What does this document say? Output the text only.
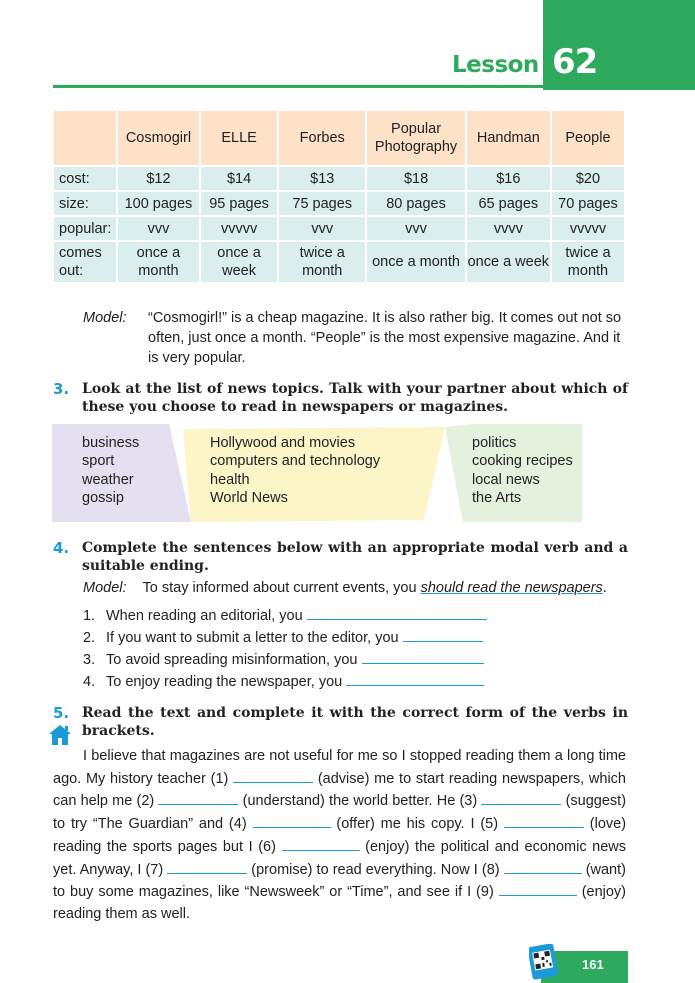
Lesson 62
	Cosmogirl	ELLE	Forbes	Popular Photography	Handman	People
cost:	$12	$14	$13	$18	$16	$20
size:	100 pages	95 pages	75 pages	80 pages	65 pages	70 pages
popular:	vvv	vvvvv	vvv	vvv	vvvv	vvvvv
comes out:	once a month	once a week	twice a month	once a month	once a week	twice a month
Model: “Cosmogirl!” is a cheap magazine. It is also rather big. It comes out not so often, just once a month. “People” is the most expensive magazine. And it is very popular.
3. Look at the list of news topics. Talk with your partner about which of these you choose to read in newspapers or magazines.
business
sport
weather
gossip
Hollywood and movies
computers and technology
health
World News
politics
cooking recipes
local news
the Arts
4. Complete the sentences below with an appropriate modal verb and a suitable ending.
Model: To stay informed about current events, you should read the newspapers.
1. When reading an editorial, you
2. If you want to submit a letter to the editor, you
3. To avoid spreading misinformation, you
4. To enjoy reading the newspaper, you
5. Read the text and complete it with the correct form of the verbs in brackets.
I believe that magazines are not useful for me so I stopped reading them a long time ago. My history teacher (1)	(advise) me to start reading newspapers, which can help me (2)	(understand) the world better. He (3)	(suggest) to try “The Guardian” and (4)	(offer) me his copy. I (5)	(love) reading the sports pages but I (6)	(enjoy) the political and economic news yet. Anyway, I (7)	(promise) to read everything. Now I (8)	(want) to buy some magazines, like “Newsweek” or “Time”, and see if I (9)	(enjoy) reading them as well.
161
